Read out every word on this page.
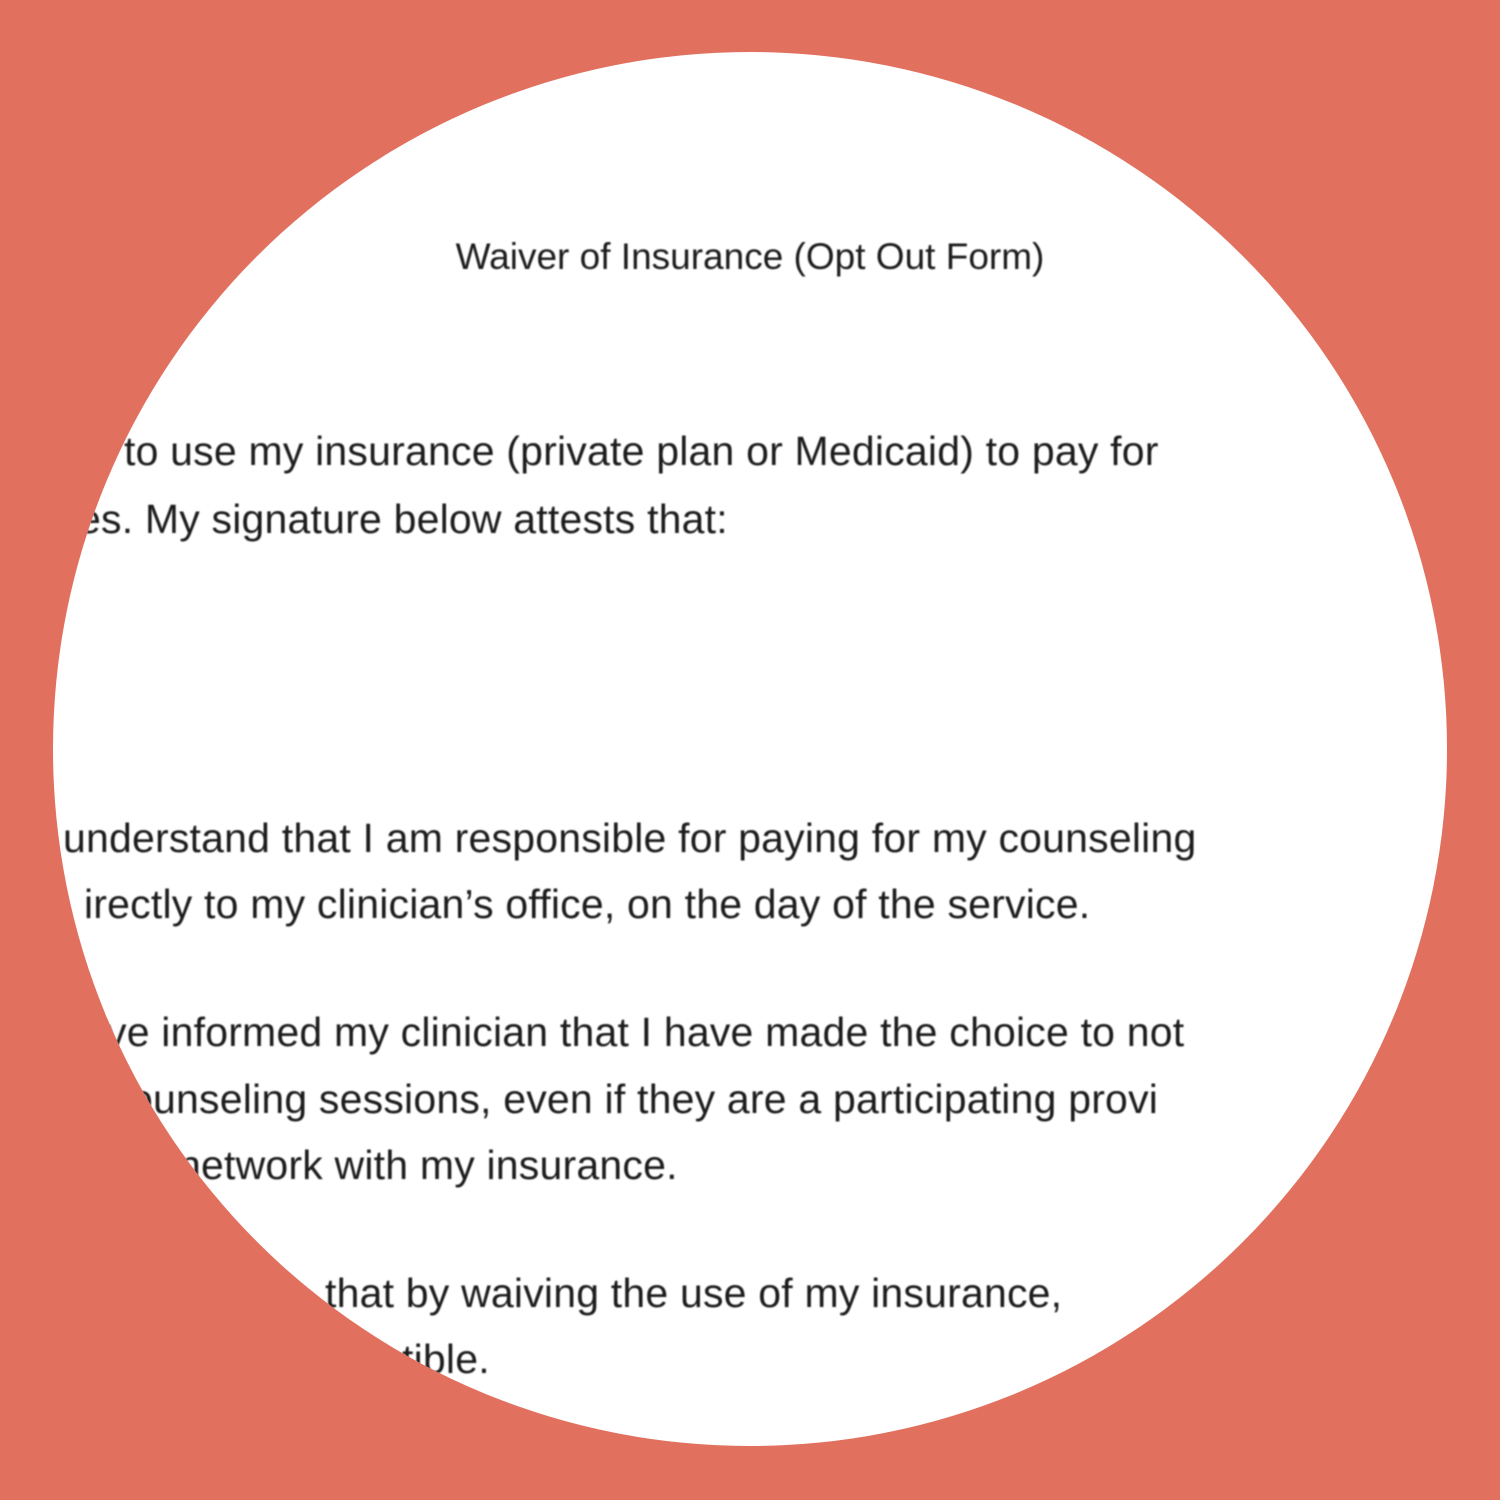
Waiver of Insurance (Opt Out Form)
to use my insurance (private plan or Medicaid) to pay for
es. My signature below attests that:
understand that I am responsible for paying for my counseling
irectly to my clinician’s office, on the day of the service.
ve informed my clinician that I have made the choice to not
ounseling sessions, even if they are a participating provi
network with my insurance.
that by waiving the use of my insurance,
tible.
